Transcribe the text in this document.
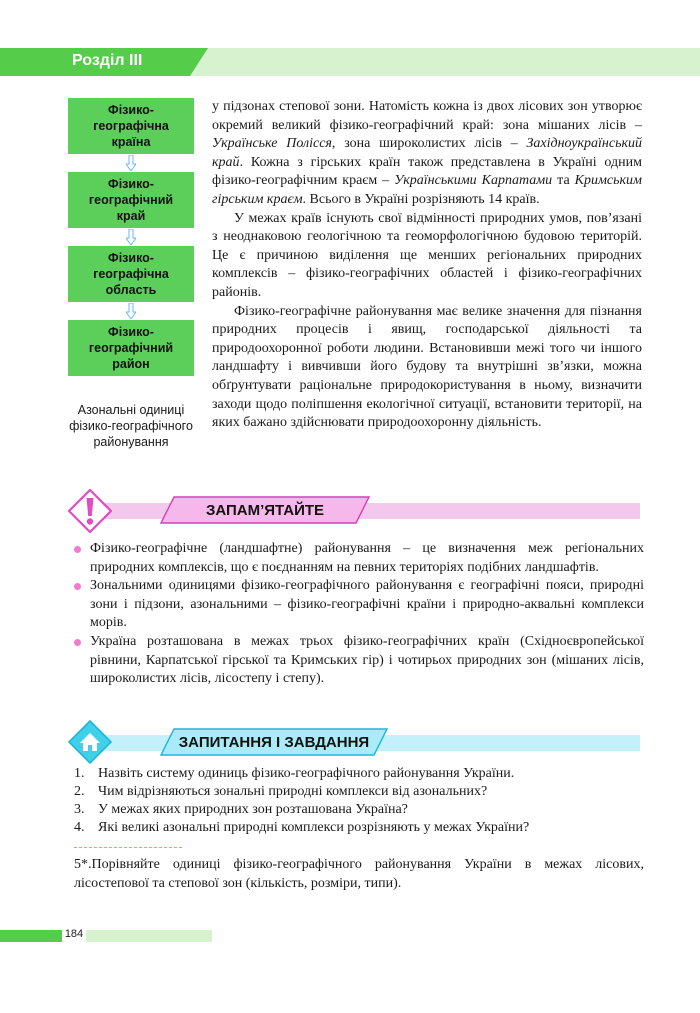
Розділ ІІІ
Фізико-географічна країна
Фізико-географічний край
Фізико-географічна область
Фізико-географічний район
Азональні одиниці фізико-географічного районування

у підзонах степової зони. Натомість кожна із двох лісових зон утворює окремий великий фізико-географічний край: зона мішаних лісів – Українське Полісся, зона широколистих лісів – Західноукраїнський край. Кожна з гірських країн також представлена в Україні одним фізико-географічним краєм – Українськими Карпатами та Кримським гірським краєм. Всього в Україні розрізняють 14 країв.

У межах країв існують свої відмінності природних умов, пов’язані з неоднаковою геологічною та геоморфологічною будовою територій. Це є причиною виділення ще менших регіональних природних комплексів – фізико-географічних областей і фізико-географічних районів.

Фізико-географічне районування має велике значення для пізнання природних процесів і явищ, господарської діяльності та природоохоронної роботи людини. Встановивши межі того чи іншого ландшафту і вивчивши його будову та внутрішні зв’язки, можна обґрунтувати раціональне природокористування в ньому, визначити заходи щодо поліпшення екологічної ситуації, встановити території, на яких бажано здійснювати природоохоронну діяльність.

ЗАПАМ’ЯТАЙТЕ
Фізико-географічне (ландшафтне) районування – це визначення меж регіональних природних комплексів, що є поєднанням на певних територіях подібних ландшафтів.
Зональними одиницями фізико-географічного районування є географічні пояси, природні зони і підзони, азональними – фізико-географічні країни і природно-аквальні комплекси морів.
Україна розташована в межах трьох фізико-географічних країн (Східноєвропейської рівнини, Карпатської гірської та Кримських гір) і чотирьох природних зон (мішаних лісів, широколистих лісів, лісостепу і степу).
ЗАПИТАННЯ І ЗАВДАННЯ
1. Назвіть систему одиниць фізико-географічного районування України.
2. Чим відрізняються зональні природні комплекси від азональних?
3. У межах яких природних зон розташована Україна?
4. Які великі азональні природні комплекси розрізняють у межах України?
5*.Порівняйте одиниці фізико-географічного районування України в межах лісових, лісостепової та степової зон (кількість, розміри, типи).
184
